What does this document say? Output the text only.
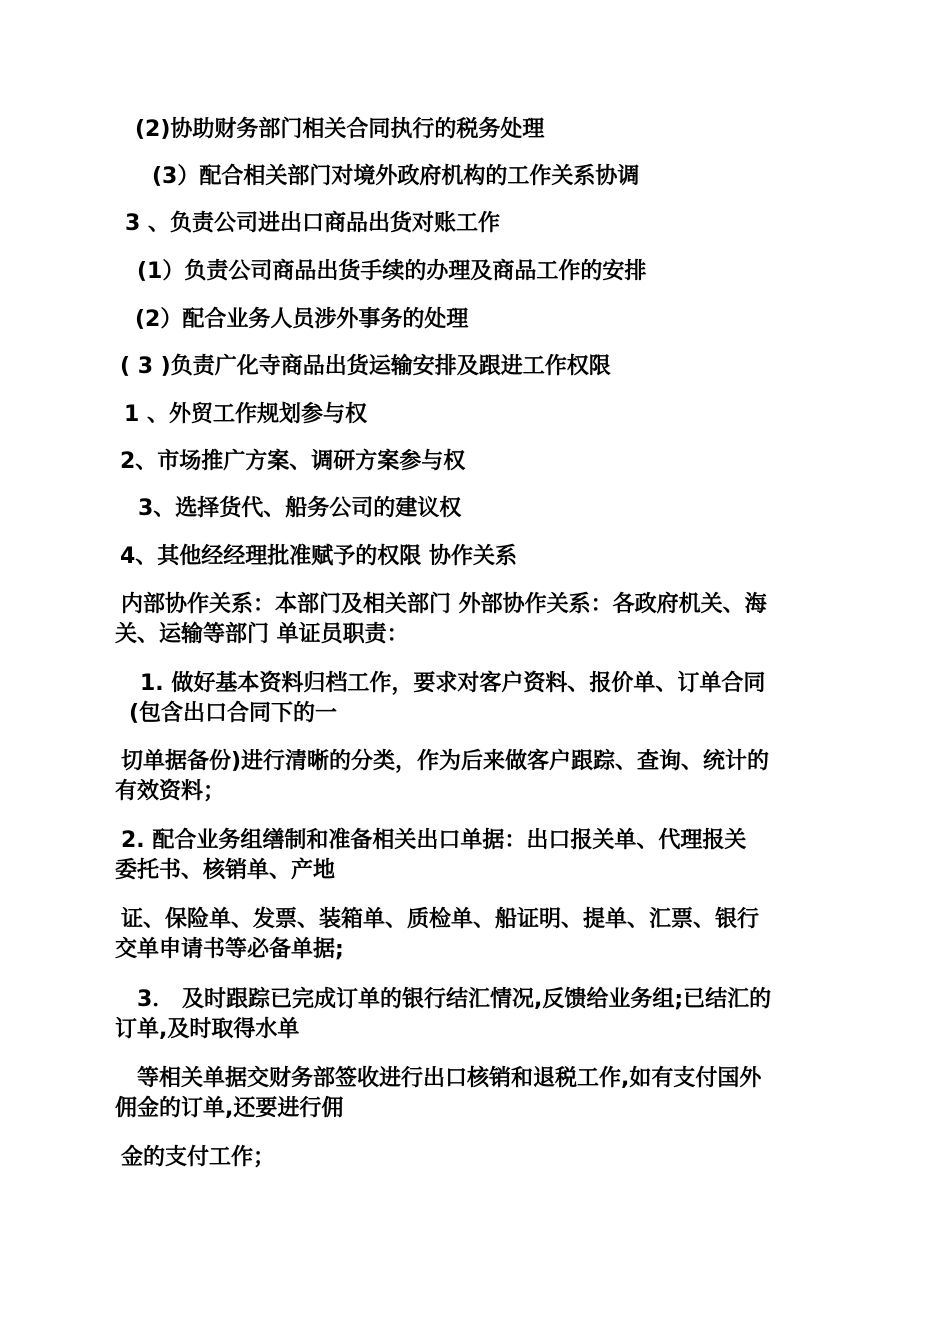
(2)协助财务部门相关合同执行的税务处理
(3）配合相关部门对境外政府机构的工作关系协调
3 、负责公司进出口商品出货对账工作
(1）负责公司商品出货手续的办理及商品工作的安排
(2）配合业务人员涉外事务的处理
( 3 )负责广化寺商品出货运输安排及跟进工作权限
1 、外贸工作规划参与权
2、市场推广方案、调研方案参与权
3、选择货代、船务公司的建议权
4、其他经经理批准赋予的权限 协作关系
内部协作关系：本部门及相关部门 外部协作关系：各政府机关、海
关、运输等部门 单证员职责：
1. 做好基本资料归档工作，要求对客户资料、报价单、订单合同
(包含出口合同下的一
切单据备份)进行清晰的分类，作为后来做客户跟踪、查询、统计的
有效资料；
2. 配合业务组缮制和准备相关出口单据：出口报关单、代理报关
委托书、核销单、产地
证、保险单、发票、装箱单、质检单、船证明、提单、汇票、银行
交单申请书等必备单据;
3． 及时跟踪已完成订单的银行结汇情况,反馈给业务组;已结汇的
订单,及时取得水单
等相关单据交财务部签收进行出口核销和退税工作,如有支付国外
佣金的订单,还要进行佣
金的支付工作；
